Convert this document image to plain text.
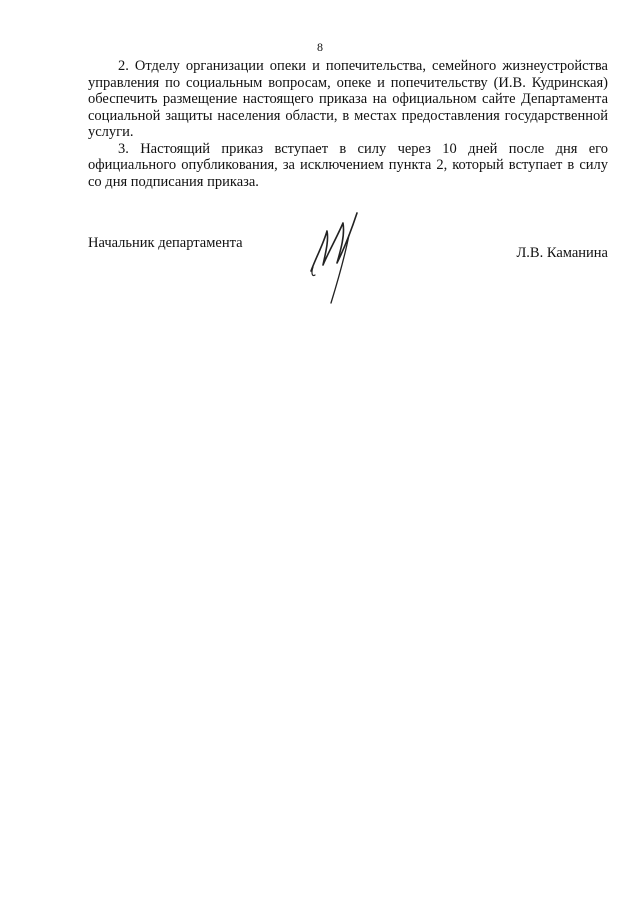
8

2. Отделу организации опеки и попечительства, семейного жизнеустройства управления по социальным вопросам, опеке и попечительству (И.В. Кудринская) обеспечить размещение настоящего приказа на официальном сайте Департамента социальной защиты населения области, в местах предоставления государственной услуги.

3. Настоящий приказ вступает в силу через 10 дней после дня его официального опубликования, за исключением пункта 2, который вступает в силу со дня подписания приказа.

Начальник департамента
Л.В. Каманина
